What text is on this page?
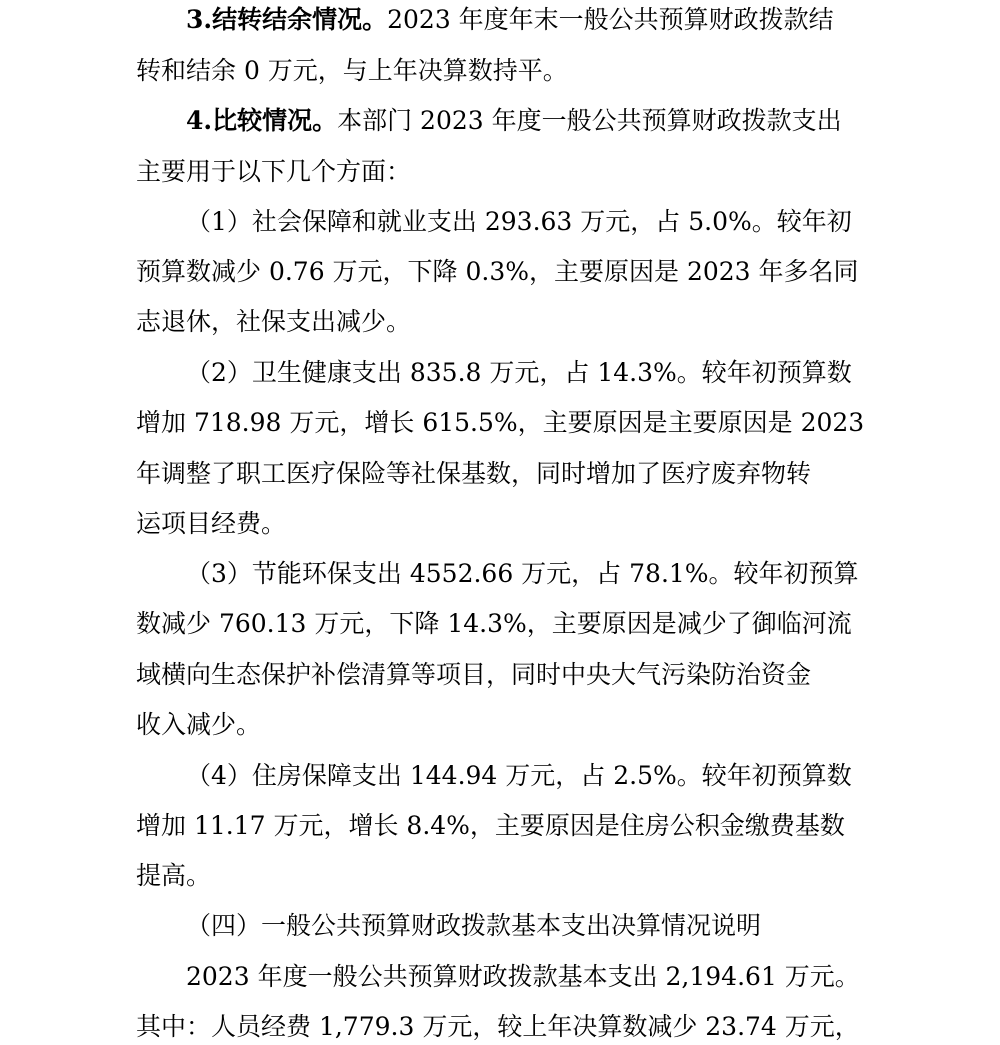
3.结转结余情况。2023 年度年末一般公共预算财政拨款结
转和结余 0 万元，与上年决算数持平。
4.比较情况。本部门 2023 年度一般公共预算财政拨款支出
主要用于以下几个方面：
（1）社会保障和就业支出 293.63 万元，占 5.0%。较年初
预算数减少 0.76 万元，下降 0.3%，主要原因是 2023 年多名同
志退休，社保支出减少。
（2）卫生健康支出 835.8 万元，占 14.3%。较年初预算数
增加 718.98 万元，增长 615.5%，主要原因是主要原因是 2023
年调整了职工医疗保险等社保基数，同时增加了医疗废弃物转
运项目经费。
（3）节能环保支出 4552.66 万元，占 78.1%。较年初预算
数减少 760.13 万元，下降 14.3%，主要原因是减少了御临河流
域横向生态保护补偿清算等项目，同时中央大气污染防治资金
收入减少。
（4）住房保障支出 144.94 万元，占 2.5%。较年初预算数
增加 11.17 万元，增长 8.4%，主要原因是住房公积金缴费基数
提高。
（四）一般公共预算财政拨款基本支出决算情况说明
2023 年度一般公共预算财政拨款基本支出 2,194.61 万元。
其中：人员经费 1,779.3 万元，较上年决算数减少 23.74 万元，
